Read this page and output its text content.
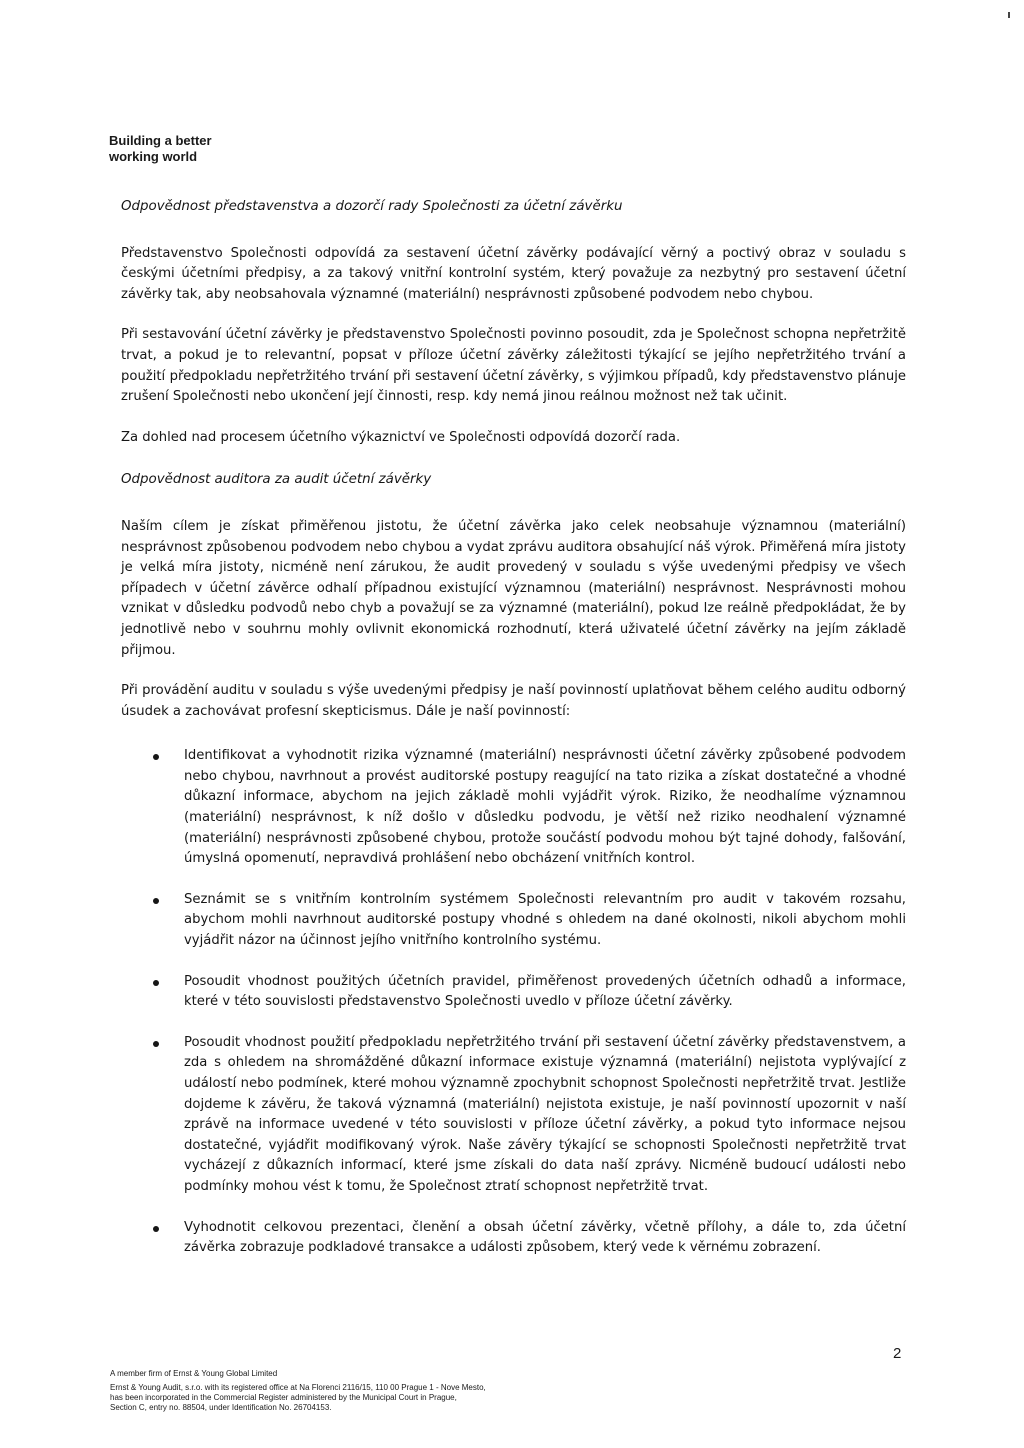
Building a better
working world
Odpovědnost představenstva a dozorčí rady Společnosti za účetní závěrku

Představenstvo Společnosti odpovídá za sestavení účetní závěrky podávající věrný a poctivý obraz v souladu s českými účetními předpisy, a za takový vnitřní kontrolní systém, který považuje za nezbytný pro sestavení účetní závěrky tak, aby neobsahovala významné (materiální) nesprávnosti způsobené podvodem nebo chybou.

Při sestavování účetní závěrky je představenstvo Společnosti povinno posoudit, zda je Společnost schopna nepřetržitě trvat, a pokud je to relevantní, popsat v příloze účetní závěrky záležitosti týkající se jejího nepřetržitého trvání a použití předpokladu nepřetržitého trvání při sestavení účetní závěrky, s výjimkou případů, kdy představenstvo plánuje zrušení Společnosti nebo ukončení její činnosti, resp. kdy nemá jinou reálnou možnost než tak učinit.

Za dohled nad procesem účetního výkaznictví ve Společnosti odpovídá dozorčí rada.

Odpovědnost auditora za audit účetní závěrky

Naším cílem je získat přiměřenou jistotu, že účetní závěrka jako celek neobsahuje významnou (materiální) nesprávnost způsobenou podvodem nebo chybou a vydat zprávu auditora obsahující náš výrok. Přiměřená míra jistoty je velká míra jistoty, nicméně není zárukou, že audit provedený v souladu s výše uvedenými předpisy ve všech případech v účetní závěrce odhalí případnou existující významnou (materiální) nesprávnost. Nesprávnosti mohou vznikat v důsledku podvodů nebo chyb a považují se za významné (materiální), pokud lze reálně předpokládat, že by jednotlivě nebo v souhrnu mohly ovlivnit ekonomická rozhodnutí, která uživatelé účetní závěrky na jejím základě přijmou.

Při provádění auditu v souladu s výše uvedenými předpisy je naší povinností uplatňovat během celého auditu odborný úsudek a zachovávat profesní skepticismus. Dále je naší povinností:

Identifikovat a vyhodnotit rizika významné (materiální) nesprávnosti účetní závěrky způsobené podvodem nebo chybou, navrhnout a provést auditorské postupy reagující na tato rizika a získat dostatečné a vhodné důkazní informace, abychom na jejich základě mohli vyjádřit výrok. Riziko, že neodhalíme významnou (materiální) nesprávnost, k níž došlo v důsledku podvodu, je větší než riziko neodhalení významné (materiální) nesprávnosti způsobené chybou, protože součástí podvodu mohou být tajné dohody, falšování, úmyslná opomenutí, nepravdivá prohlášení nebo obcházení vnitřních kontrol.
Seznámit se s vnitřním kontrolním systémem Společnosti relevantním pro audit v takovém rozsahu, abychom mohli navrhnout auditorské postupy vhodné s ohledem na dané okolnosti, nikoli abychom mohli vyjádřit názor na účinnost jejího vnitřního kontrolního systému.
Posoudit vhodnost použitých účetních pravidel, přiměřenost provedených účetních odhadů a informace, které v této souvislosti představenstvo Společnosti uvedlo v příloze účetní závěrky.
Posoudit vhodnost použití předpokladu nepřetržitého trvání při sestavení účetní závěrky představenstvem, a zda s ohledem na shromážděné důkazní informace existuje významná (materiální) nejistota vyplývající z událostí nebo podmínek, které mohou významně zpochybnit schopnost Společnosti nepřetržitě trvat. Jestliže dojdeme k závěru, že taková významná (materiální) nejistota existuje, je naší povinností upozornit v naší zprávě na informace uvedené v této souvislosti v příloze účetní závěrky, a pokud tyto informace nejsou dostatečné, vyjádřit modifikovaný výrok. Naše závěry týkající se schopnosti Společnosti nepřetržitě trvat vycházejí z důkazních informací, které jsme získali do data naší zprávy. Nicméně budoucí události nebo podmínky mohou vést k tomu, že Společnost ztratí schopnost nepřetržitě trvat.
Vyhodnotit celkovou prezentaci, členění a obsah účetní závěrky, včetně přílohy, a dále to, zda účetní závěrka zobrazuje podkladové transakce a události způsobem, který vede k věrnému zobrazení.
2
A member firm of Ernst & Young Global Limited
Ernst & Young Audit, s.r.o. with its registered office at Na Florenci 2116/15, 110 00 Prague 1 - Nove Mesto,
has been incorporated in the Commercial Register administered by the Municipal Court in Prague,
Section C, entry no. 88504, under Identification No. 26704153.
